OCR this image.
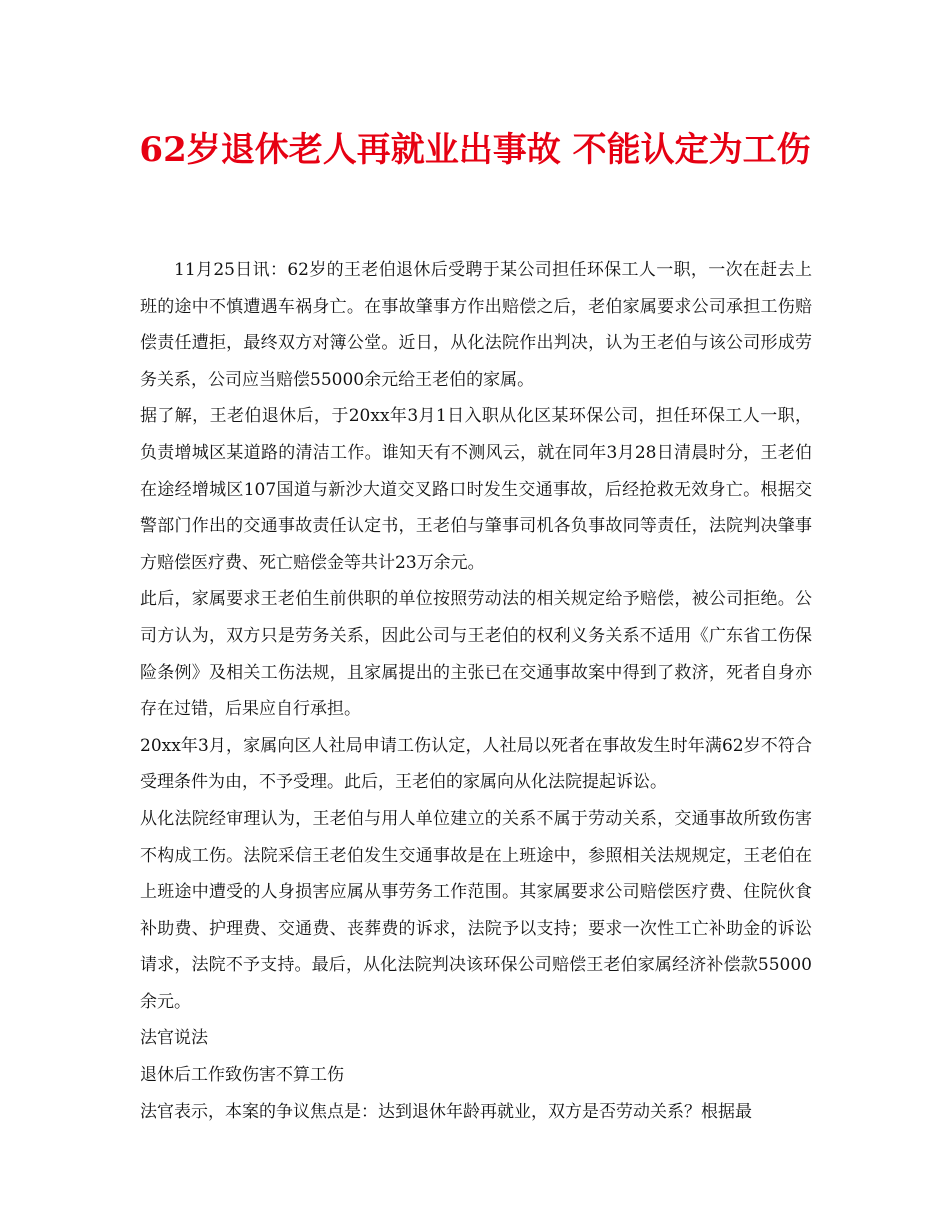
62岁退休老人再就业出事故 不能认定为工伤

11月25日讯：62岁的王老伯退休后受聘于某公司担任环保工人一职，一次在赶去上班的途中不慎遭遇车祸身亡。在事故肇事方作出赔偿之后，老伯家属要求公司承担工伤赔偿责任遭拒，最终双方对簿公堂。近日，从化法院作出判决，认为王老伯与该公司形成劳务关系，公司应当赔偿55000余元给王老伯的家属。

据了解，王老伯退休后，于20xx年3月1日入职从化区某环保公司，担任环保工人一职，负责增城区某道路的清洁工作。谁知天有不测风云，就在同年3月28日清晨时分，王老伯在途经增城区107国道与新沙大道交叉路口时发生交通事故，后经抢救无效身亡。根据交警部门作出的交通事故责任认定书，王老伯与肇事司机各负事故同等责任，法院判决肇事方赔偿医疗费、死亡赔偿金等共计23万余元。

此后，家属要求王老伯生前供职的单位按照劳动法的相关规定给予赔偿，被公司拒绝。公司方认为，双方只是劳务关系，因此公司与王老伯的权利义务关系不适用《广东省工伤保险条例》及相关工伤法规，且家属提出的主张已在交通事故案中得到了救济，死者自身亦存在过错，后果应自行承担。

20xx年3月，家属向区人社局申请工伤认定，人社局以死者在事故发生时年满62岁不符合受理条件为由，不予受理。此后，王老伯的家属向从化法院提起诉讼。

从化法院经审理认为，王老伯与用人单位建立的关系不属于劳动关系，交通事故所致伤害不构成工伤。法院采信王老伯发生交通事故是在上班途中，参照相关法规规定，王老伯在上班途中遭受的人身损害应属从事劳务工作范围。其家属要求公司赔偿医疗费、住院伙食补助费、护理费、交通费、丧葬费的诉求，法院予以支持；要求一次性工亡补助金的诉讼请求，法院不予支持。最后，从化法院判决该环保公司赔偿王老伯家属经济补偿款55000余元。

法官说法

退休后工作致伤害不算工伤

法官表示，本案的争议焦点是：达到退休年龄再就业，双方是否劳动关系？根据最
